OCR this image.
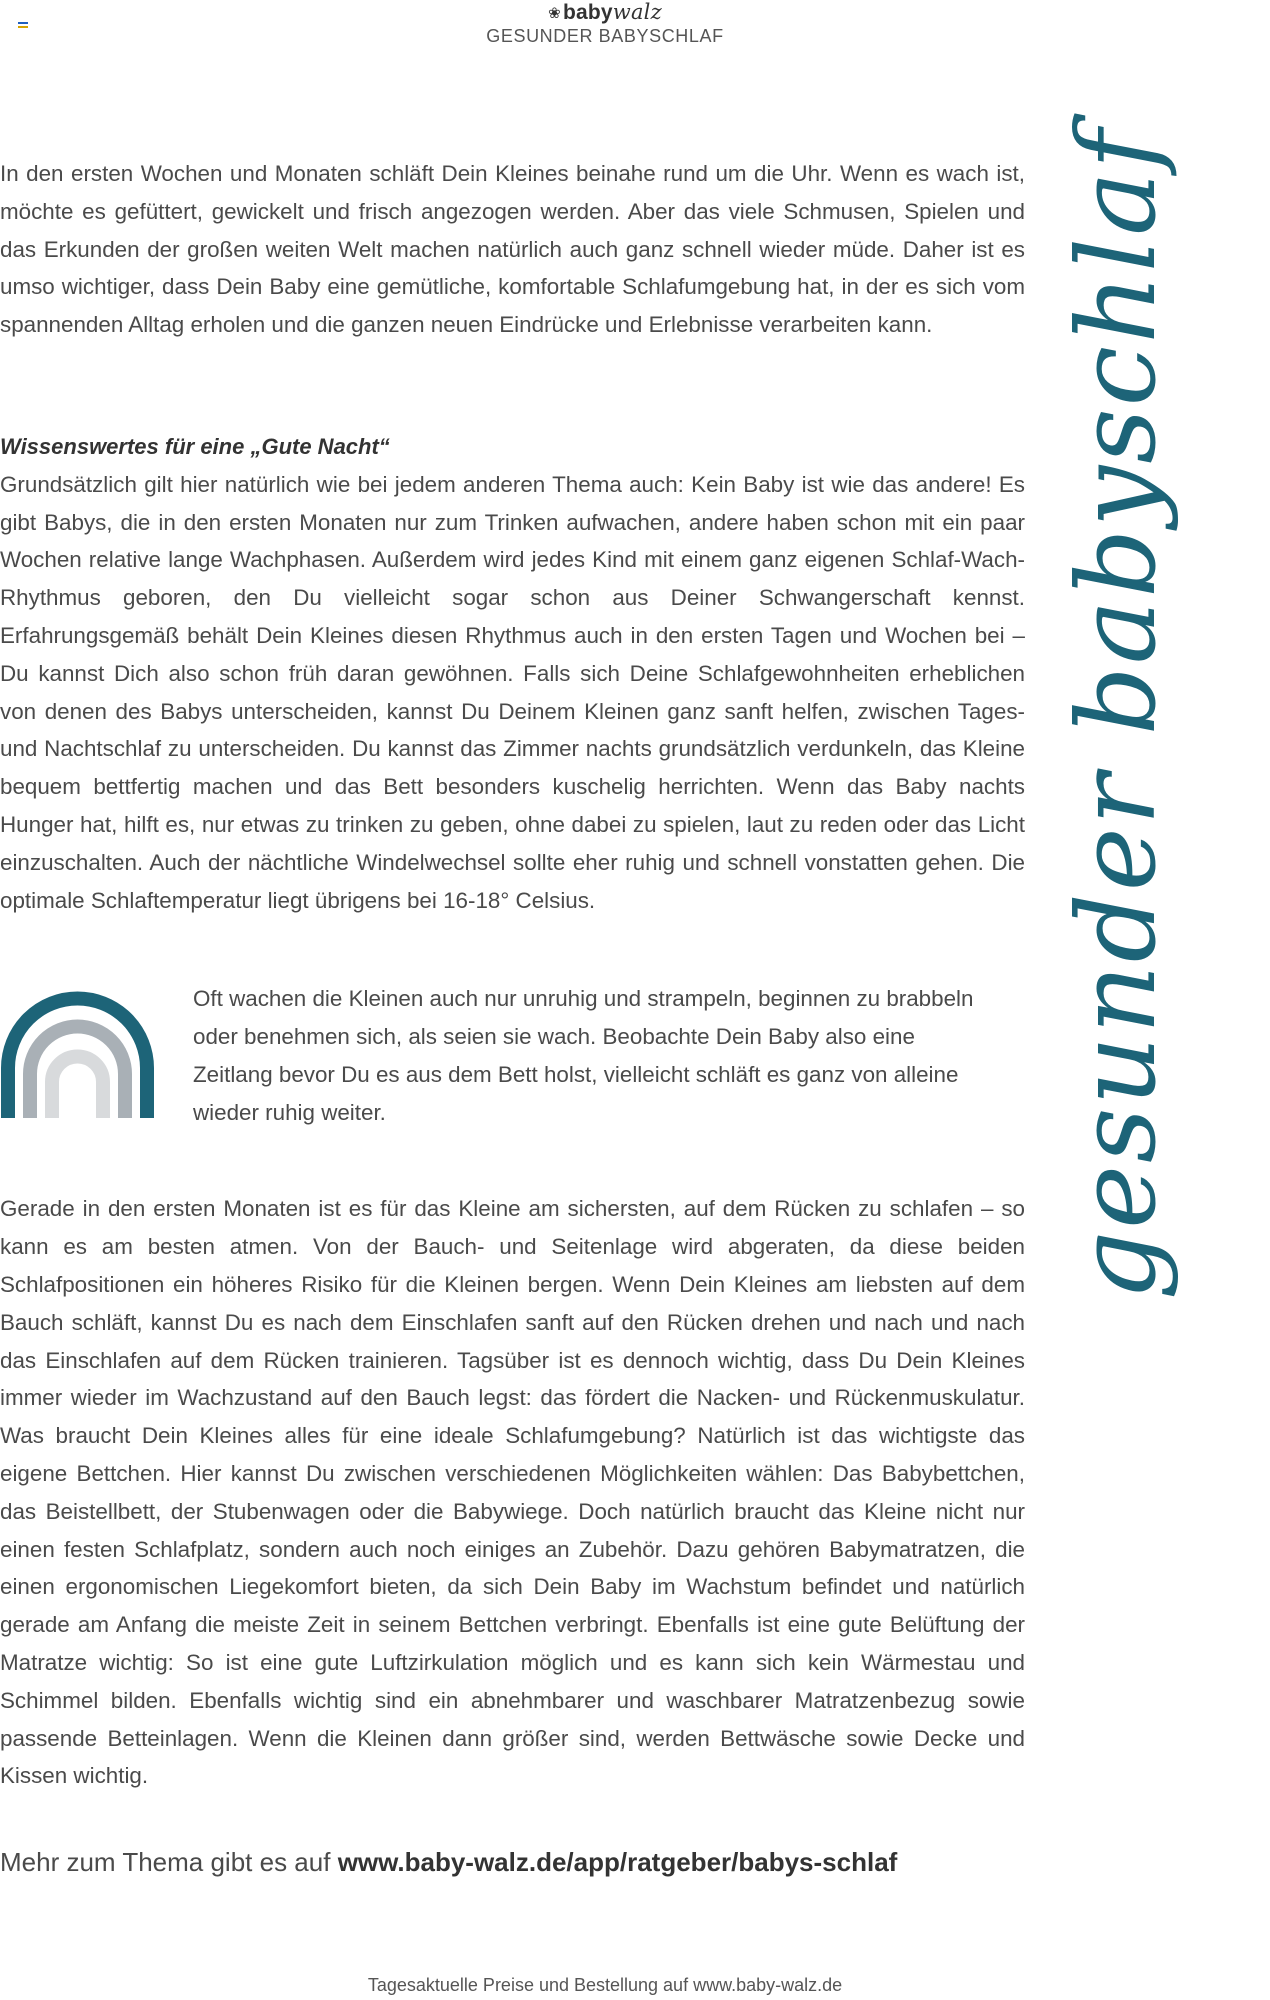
❀babywalz
GESUNDER BABYSCHLAF

In den ersten Wochen und Monaten schläft Dein Kleines beinahe rund um die Uhr. Wenn es wach ist, möchte es gefüttert, gewickelt und frisch angezogen werden. Aber das viele Schmusen, Spielen und das Erkunden der großen weiten Welt machen natürlich auch ganz schnell wieder müde. Daher ist es umso wichtiger, dass Dein Baby eine gemütliche, komfortable Schlafumgebung hat, in der es sich vom spannenden Alltag erholen und die ganzen neuen Eindrücke und Erlebnisse verarbeiten kann.

Wissenswertes für eine „Gute Nacht“

Grundsätzlich gilt hier natürlich wie bei jedem anderen Thema auch: Kein Baby ist wie das andere! Es gibt Babys, die in den ersten Monaten nur zum Trinken aufwachen, andere haben schon mit ein paar Wochen relative lange Wachphasen. Außerdem wird jedes Kind mit einem ganz eigenen Schlaf-Wach-Rhythmus geboren, den Du vielleicht sogar schon aus Deiner Schwangerschaft kennst. Erfahrungsgemäß behält Dein Kleines diesen Rhythmus auch in den ersten Tagen und Wochen bei – Du kannst Dich also schon früh daran gewöhnen. Falls sich Deine Schlafgewohnheiten erheblichen von denen des Babys unterscheiden, kannst Du Deinem Kleinen ganz sanft helfen, zwischen Tages- und Nachtschlaf zu unterscheiden. Du kannst das Zimmer nachts grundsätzlich verdunkeln, das Kleine bequem bettfertig machen und das Bett besonders kuschelig herrichten. Wenn das Baby nachts Hunger hat, hilft es, nur etwas zu trinken zu geben, ohne dabei zu spielen, laut zu reden oder das Licht einzuschalten. Auch der nächtliche Windelwechsel sollte eher ruhig und schnell vonstatten gehen. Die optimale Schlaftemperatur liegt übrigens bei 16-18° Celsius.

Oft wachen die Kleinen auch nur unruhig und strampeln, beginnen zu brabbeln oder benehmen sich, als seien sie wach. Beobachte Dein Baby also eine Zeitlang bevor Du es aus dem Bett holst, vielleicht schläft es ganz von alleine wieder ruhig weiter.

Gerade in den ersten Monaten ist es für das Kleine am sichersten, auf dem Rücken zu schlafen – so kann es am besten atmen. Von der Bauch- und Seitenlage wird abgeraten, da diese beiden Schlafpositionen ein höheres Risiko für die Kleinen bergen. Wenn Dein Kleines am liebsten auf dem Bauch schläft, kannst Du es nach dem Einschlafen sanft auf den Rücken drehen und nach und nach das Einschlafen auf dem Rücken trainieren. Tagsüber ist es dennoch wichtig, dass Du Dein Kleines immer wieder im Wachzustand auf den Bauch legst: das fördert die Nacken- und Rückenmuskulatur. Was braucht Dein Kleines alles für eine ideale Schlafumgebung? Natürlich ist das wichtigste das eigene Bettchen. Hier kannst Du zwischen verschiedenen Möglichkeiten wählen: Das Babybettchen, das Beistellbett, der Stubenwagen oder die Babywiege. Doch natürlich braucht das Kleine nicht nur einen festen Schlafplatz, sondern auch noch einiges an Zubehör. Dazu gehören Babymatratzen, die einen ergonomischen Liegekomfort bieten, da sich Dein Baby im Wachstum befindet und natürlich gerade am Anfang die meiste Zeit in seinem Bettchen verbringt. Ebenfalls ist eine gute Belüftung der Matratze wichtig: So ist eine gute Luftzirkulation möglich und es kann sich kein Wärmestau und Schimmel bilden. Ebenfalls wichtig sind ein abnehmbarer und waschbarer Matratzenbezug sowie passende Betteinlagen. Wenn die Kleinen dann größer sind, werden Bettwäsche sowie Decke und Kissen wichtig.

Mehr zum Thema gibt es auf www.baby-walz.de/app/ratgeber/babys-schlaf
gesunder babyschlaf
Tagesaktuelle Preise und Bestellung auf www.baby-walz.de
